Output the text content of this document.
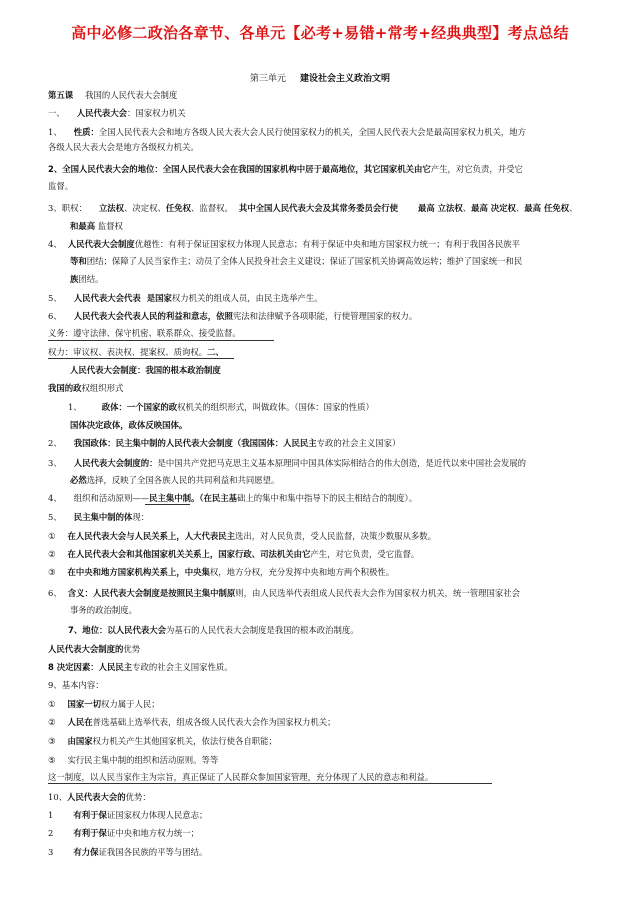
高中必修二政治各章节、各单元【必考+易错+常考+经典典型】考点总结
第三单元 建设社会主义政治文明
第五课 我国的人民代表大会制度
一、 人民代表大会：国家权力机关
1、 性质：全国人民代表大会和地方各级人民大表大会人民行使国家权力的机关，全国人民代表大会是最高国家权力机关，地方
各级人民大表大会是地方各级权力机关。
2、全国人民代表大会的地位：全国人民代表大会在我国的国家机构中居于最高地位，其它国家机关由它产生，对它负责，并受它
监督。
3、职权： 立法权、决定权、任免权、监督权。 其中全国人民代表大会及其常务委员会行使 最高 立法权、最高 决定权、最高 任免权、
和最高 监督权
4、 人民代表大会制度优越性：有利于保证国家权力体现人民意志；有利于保证中央和地方国家权力统一；有利于我国各民族平
等和团结；保障了人民当家作主；动员了全体人民投身社会主义建设；保证了国家机关协调高效运转；维护了国家统一和民
族团结。
5、 人民代表大会代表 是国家权力机关的组成人员，由民主选举产生。
6、 人民代表大会代表人民的利益和意志，依照宪法和法律赋予各项职能，行使管理国家的权力。
义务：遵守法律、保守机密、联系群众、接受监督。
权力：审议权、表决权、提案权、质询权。二、
人民代表大会制度：我国的根本政治制度
我国的政权组织形式
1、 政体：一个国家的政权机关的组织形式，叫做政体。（国体：国家的性质）
国体决定政体，政体反映国体。
2、 我国政体：民主集中制的人民代表大会制度（我国国体：人民民主专政的社会主义国家）
3、 人民代表大会制度的：是中国共产党把马克思主义基本原理同中国具体实际相结合的伟大创造，是近代以来中国社会发展的
必然选择，反映了全国各族人民的共同利益和共同愿望。
4、 组织和活动原则——民主集中制。（在民主基础上的集中和集中指导下的民主相结合的制度）。
5、 民主集中制的体现：
① 在人民代表大会与人民关系上，人大代表民主选出，对人民负责，受人民监督，决策少数服从多数。
② 在人民代表大会和其他国家机关关系上，国家行政、司法机关由它产生，对它负责，受它监督。
③ 在中央和地方国家机构关系上，中央集权，地方分权，充分发挥中央和地方两个积极性。
6、 含义：人民代表大会制度是按照民主集中制原则，由人民选举代表组成人民代表大会作为国家权力机关，统一管理国家社会
事务的政治制度。
7、地位：以人民代表大会为基石的人民代表大会制度是我国的根本政治制度。
人民代表大会制度的优势
8 决定因素：人民民主专政的社会主义国家性质。
9、基本内容：
① 国家一切权力属于人民；
② 人民在普选基础上选举代表，组成各级人民代表大会作为国家权力机关；
③ 由国家权力机关产生其他国家机关，依法行使各自职能；
⑤ 实行民主集中制的组织和活动原则。等等
这一制度，以人民当家作主为宗旨，真正保证了人民群众参加国家管理，充分体现了人民的意志和利益。
10、人民代表大会的优势：
1 有利于保证国家权力体现人民意志；
2 有利于保证中央和地方权力统一；
3 有力保证我国各民族的平等与团结。
